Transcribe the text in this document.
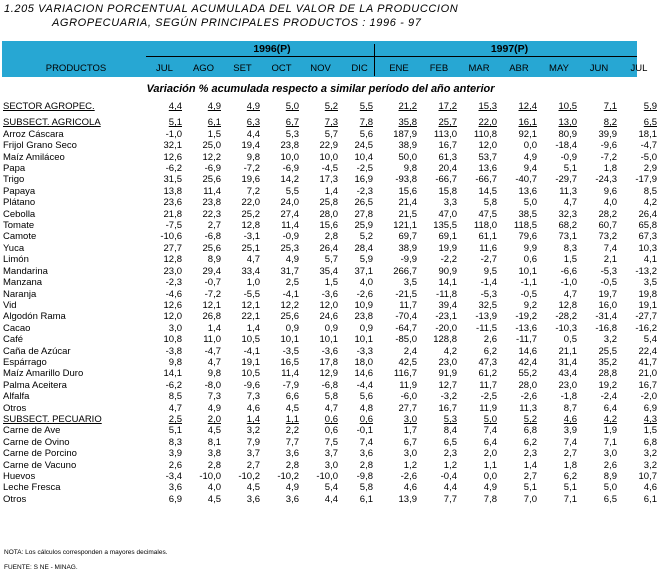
1.205 VARIACION PORCENTUAL ACUMULADA DEL VALOR DE LA PRODUCCION
AGROPECUARIA, SEGÚN PRINCIPALES PRODUCTOS : 1996 - 97
1996(P)	1997(P)
PRODUCTOS	JUL	AGO	SET	OCT	NOV	DIC	ENE	FEB	MAR	ABR	MAY	JUN	JUL
Variación % acumulada respecto a similar período del año anterior
SECTOR AGROPEC.	4,4	4,9	4,9	5,0	5,2	5,5	21,2	17,2	15,3	12,4	10,5	7,1	5,9

SUBSECT. AGRICOLA	5,1	6,1	6,3	6,7	7,3	7,8	35,8	25,7	22,0	16,1	13,0	8,2	6,5
Arroz Cáscara	-1,0	1,5	4,4	5,3	5,7	5,6	187,9	113,0	110,8	92,1	80,9	39,9	18,1
Frijol Grano Seco	32,1	25,0	19,4	23,8	22,9	24,5	38,9	16,7	12,0	0,0	-18,4	-9,6	-4,7
Maíz Amiláceo	12,6	12,2	9,8	10,0	10,0	10,4	50,0	61,3	53,7	4,9	-0,9	-7,2	-5,0
Papa	-6,2	-6,9	-7,2	-6,9	-4,5	-2,5	9,8	20,4	13,6	9,4	5,1	1,8	2,9
Trigo	31,5	25,6	19,6	14,2	17,3	16,9	-93,8	-66,7	-66,7	-40,7	-29,7	-24,3	-17,9
Papaya	13,8	11,4	7,2	5,5	1,4	-2,3	15,6	15,8	14,5	13,6	11,3	9,6	8,5
Plátano	23,6	23,8	22,0	24,0	25,8	26,5	21,4	3,3	5,8	5,0	4,7	4,0	4,2
Cebolla	21,8	22,3	25,2	27,4	28,0	27,8	21,5	47,0	47,5	38,5	32,3	28,2	26,4
Tomate	-7,5	2,7	12,8	11,4	15,6	25,9	121,1	135,5	118,0	118,5	68,2	60,7	65,8
Camote	-10,6	-6,8	-3,1	-0,9	2,8	5,2	69,7	69,1	61,1	79,6	73,1	73,2	67,3
Yuca	27,7	25,6	25,1	25,3	26,4	28,4	38,9	19,9	11,6	9,9	8,3	7,4	10,3
Limón	12,8	8,9	4,7	4,9	5,7	5,9	-9,9	-2,2	-2,7	0,6	1,5	2,1	4,1
Mandarina	23,0	29,4	33,4	31,7	35,4	37,1	266,7	90,9	9,5	10,1	-6,6	-5,3	-13,2
Manzana	-2,3	-0,7	1,0	2,5	1,5	4,0	3,5	14,1	-1,4	-1,1	-1,0	-0,5	3,5
Naranja	-4,6	-7,2	-5,5	-4,1	-3,6	-2,6	-21,5	-11,8	-5,3	-0,5	4,7	19,7	19,8
Vid	12,6	12,1	12,1	12,2	12,0	10,9	11,7	39,4	32,5	9,2	12,8	16,0	19,1
Algodón Rama	12,0	26,8	22,1	25,6	24,6	23,8	-70,4	-23,1	-13,9	-19,2	-28,2	-31,4	-27,7
Cacao	3,0	1,4	1,4	0,9	0,9	0,9	-64,7	-20,0	-11,5	-13,6	-10,3	-16,8	-16,2
Café	10,8	11,0	10,5	10,1	10,1	10,1	-85,0	128,8	2,6	-11,7	0,5	3,2	5,4
Caña de Azúcar	-3,8	-4,7	-4,1	-3,5	-3,6	-3,3	2,4	4,2	6,2	14,6	21,1	25,5	22,4
Espárrago	9,8	4,7	19,1	16,5	17,8	18,0	42,5	23,0	47,3	42,4	31,4	35,2	41,7
Maíz Amarillo Duro	14,1	9,8	10,5	11,4	12,9	14,6	116,7	91,9	61,2	55,2	43,4	28,8	21,0
Palma Aceitera	-6,2	-8,0	-9,6	-7,9	-6,8	-4,4	11,9	12,7	11,7	28,0	23,0	19,2	16,7
Alfalfa	8,5	7,3	7,3	6,6	5,8	5,6	-6,0	-3,2	-2,5	-2,6	-1,8	-2,4	-2,0
Otros	4,7	4,9	4,6	4,5	4,7	4,8	27,7	16,7	11,9	11,3	8,7	6,4	6,9
SUBSECT. PECUARIO	2,5	2,0	1,4	1,1	0,6	0,6	3,0	5,3	5,0	5,2	4,6	4,2	4,3
Carne de Ave	5,1	4,5	3,2	2,2	0,6	-0,1	1,7	8,4	7,4	6,8	3,9	1,9	1,5
Carne de Ovino	8,3	8,1	7,9	7,7	7,5	7,4	6,7	6,5	6,4	6,2	7,4	7,1	6,8
Carne de Porcino	3,9	3,8	3,7	3,6	3,7	3,6	3,0	2,3	2,0	2,3	2,7	3,0	3,2
Carne de Vacuno	2,6	2,8	2,7	2,8	3,0	2,8	1,2	1,2	1,1	1,4	1,8	2,6	3,2
Huevos	-3,4	-10,0	-10,2	-10,2	-10,0	-9,8	-2,6	-0,4	0,0	2,7	6,2	8,9	10,7
Leche Fresca	3,6	4,0	4,5	4,9	5,4	5,8	4,6	4,4	4,9	5,1	5,1	5,0	4,6
Otros	6,9	4,5	3,6	3,6	4,4	6,1	13,9	7,7	7,8	7,0	7,1	6,5	6,1
NOTA: Los cálculos corresponden a mayores decimales.
FUENTE: S NE - MINAG.
